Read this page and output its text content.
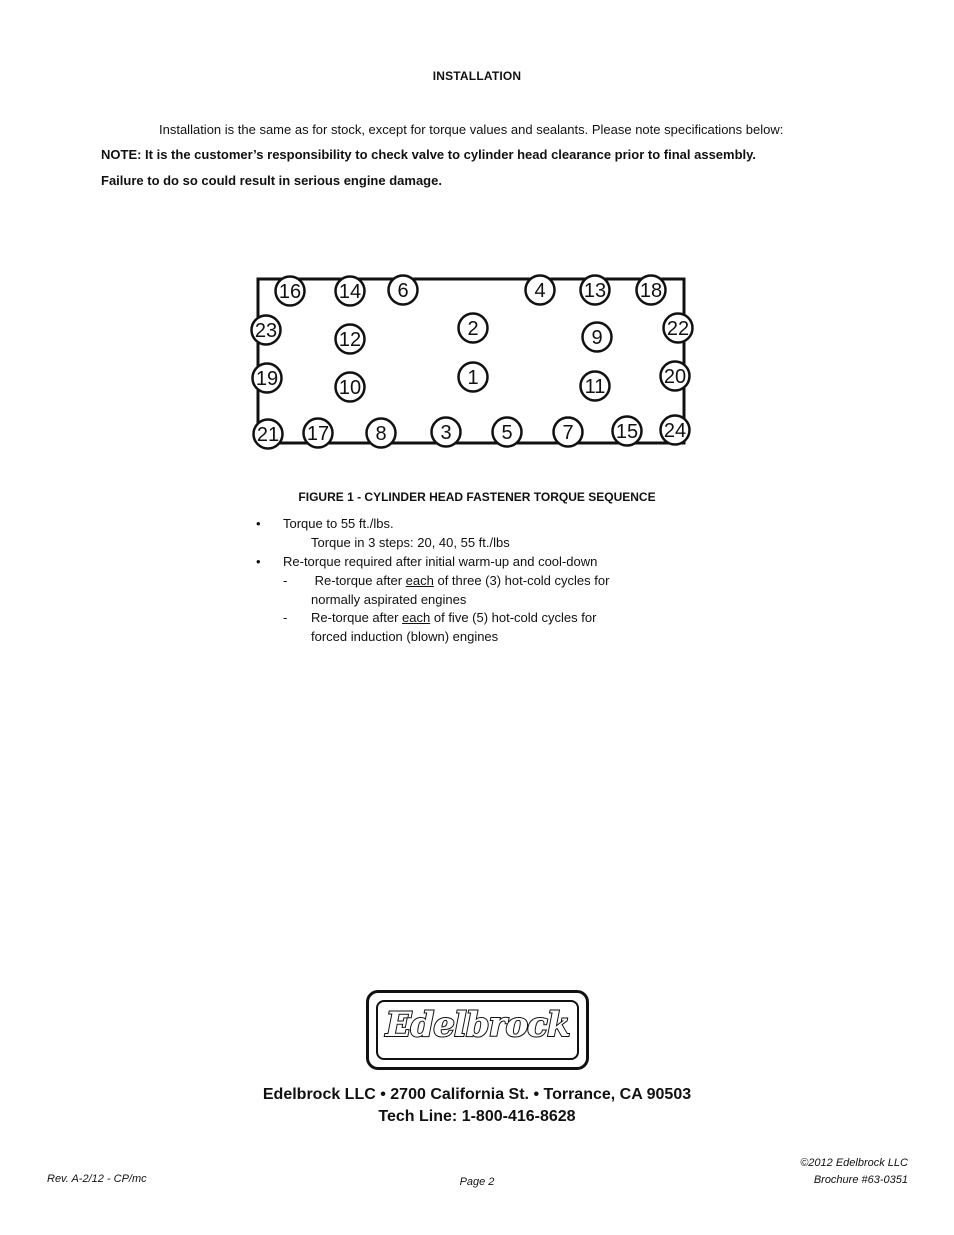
INSTALLATION
Installation is the same as for stock, except for torque values and sealants. Please note specifications below:
NOTE: It is the customer’s responsibility to check valve to cylinder head clearance prior to final assembly.
Failure to do so could result in serious engine damage.
16 14 6	4 13 18
23	12	2	9	22
19	10	1	11	20
21 17 8	3 5 7 15 24
FIGURE 1 - CYLINDER HEAD FASTENER TORQUE SEQUENCE
• Torque to 55 ft./lbs.
Torque in 3 steps: 20, 40, 55 ft./lbs
• Re-torque required after initial warm-up and cool-down
- Re-torque after each of three (3) hot-cold cycles for
normally aspirated engines
- Re-torque after each of five (5) hot-cold cycles for
forced induction (blown) engines
Edelbrock
Edelbrock LLC • 2700 California St. • Torrance, CA 90503
Tech Line: 1-800-416-8628
Rev. A-2/12 - CP/mc	Page 2
©2012 Edelbrock LLC
Brochure #63-0351
